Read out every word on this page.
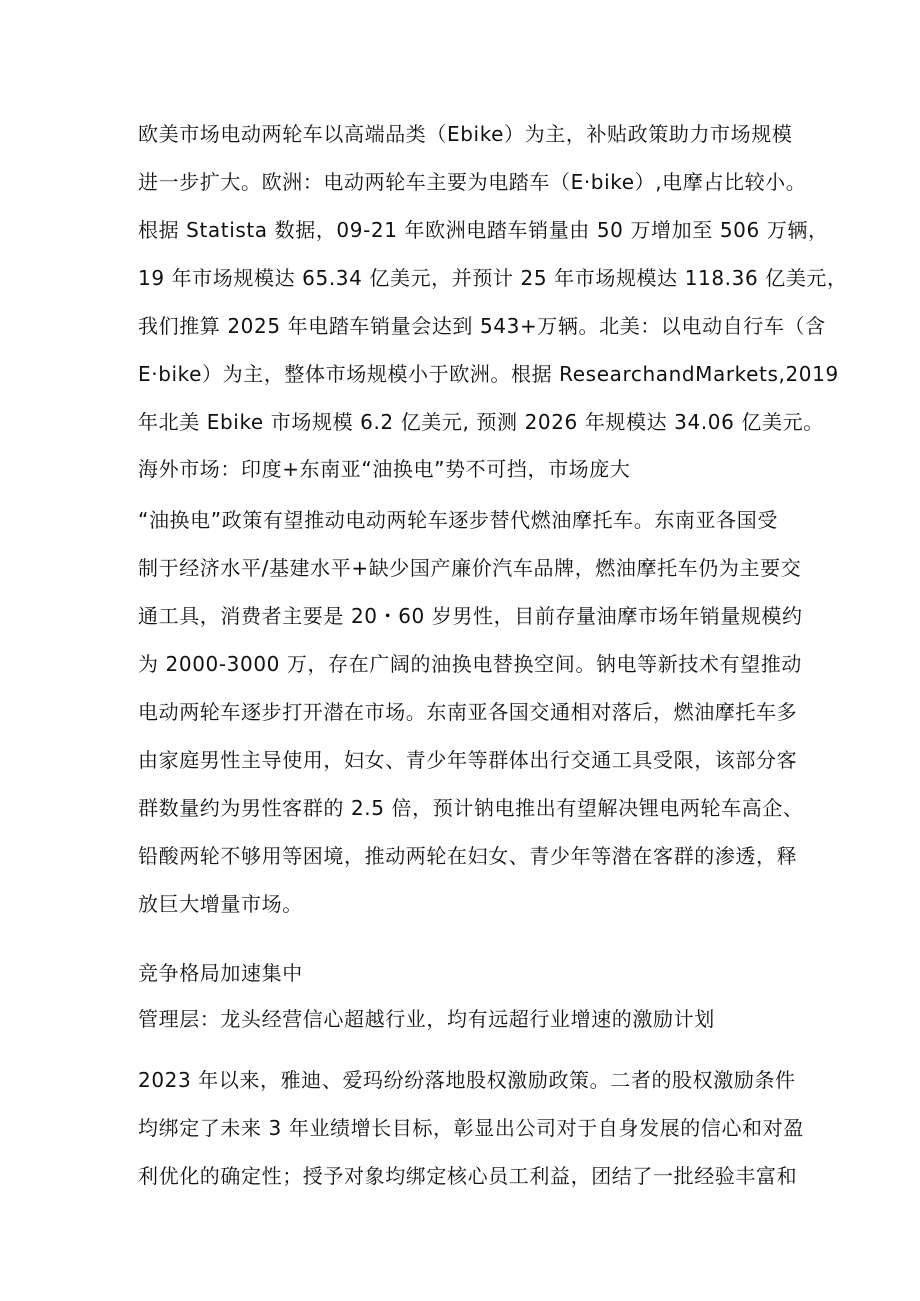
欧美市场电动两轮车以高端品类（Ebike）为主，补贴政策助力市场规模

进一步扩大。欧洲：电动两轮车主要为电踏车（E·bike）,电摩占比较小。

根据 Statista 数据，09-21 年欧洲电踏车销量由 50 万增加至 506 万辆，

19 年市场规模达 65.34 亿美元，并预计 25 年市场规模达 118.36 亿美元，

我们推算 2025 年电踏车销量会达到 543+万辆。北美：以电动自行车（含

E·bike）为主，整体市场规模小于欧洲。根据 ResearchandMarkets,2019

年北美 Ebike 市场规模 6.2 亿美元, 预测 2026 年规模达 34.06 亿美元。

海外市场：印度+东南亚“油换电”势不可挡，市场庞大

“油换电”政策有望推动电动两轮车逐步替代燃油摩托车。东南亚各国受

制于经济水平/基建水平+缺少国产廉价汽车品牌，燃油摩托车仍为主要交

通工具，消费者主要是 20・60 岁男性，目前存量油摩市场年销量规模约

为 2000-3000 万，存在广阔的油换电替换空间。钠电等新技术有望推动

电动两轮车逐步打开潜在市场。东南亚各国交通相对落后，燃油摩托车多

由家庭男性主导使用，妇女、青少年等群体出行交通工具受限，该部分客

群数量约为男性客群的 2.5 倍，预计钠电推出有望解决锂电两轮车高企、

铅酸两轮不够用等困境，推动两轮在妇女、青少年等潜在客群的渗透，释

放巨大增量市场。

竞争格局加速集中

管理层：龙头经营信心超越行业，均有远超行业增速的激励计划

2023 年以来，雅迪、爱玛纷纷落地股权激励政策。二者的股权激励条件

均绑定了未来 3 年业绩增长目标，彰显出公司对于自身发展的信心和对盈

利优化的确定性；授予对象均绑定核心员工利益，团结了一批经验丰富和
